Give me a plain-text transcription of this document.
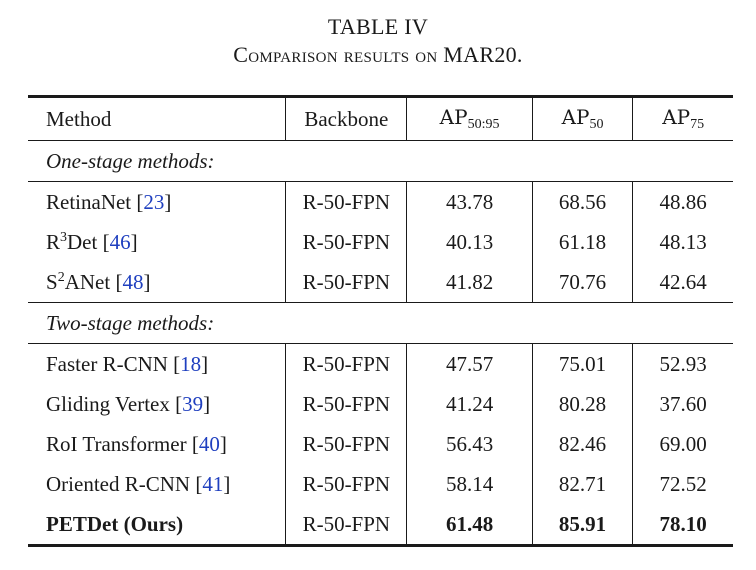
TABLE IV
Comparison results on MAR20.
Method	Backbone	$AP_{50:95}$	$AP_{50}$	$AP_{75}$
One-stage methods:				
RetinaNet [23]	R-50-FPN	43.78	68.56	48.86
$R^3Det$ [46]	R-50-FPN	40.13	61.18	48.13
$S^2ANet$ [48]	R-50-FPN	41.82	70.76	42.64
Two-stage methods:				
Faster R-CNN [18]	R-50-FPN	47.57	75.01	52.93
Gliding Vertex [39]	R-50-FPN	41.24	80.28	37.60
RoI Transformer [40]	R-50-FPN	56.43	82.46	69.00
Oriented R-CNN [41]	R-50-FPN	58.14	82.71	72.52
PETDet (Ours)	R-50-FPN	61.48	85.91	78.10
